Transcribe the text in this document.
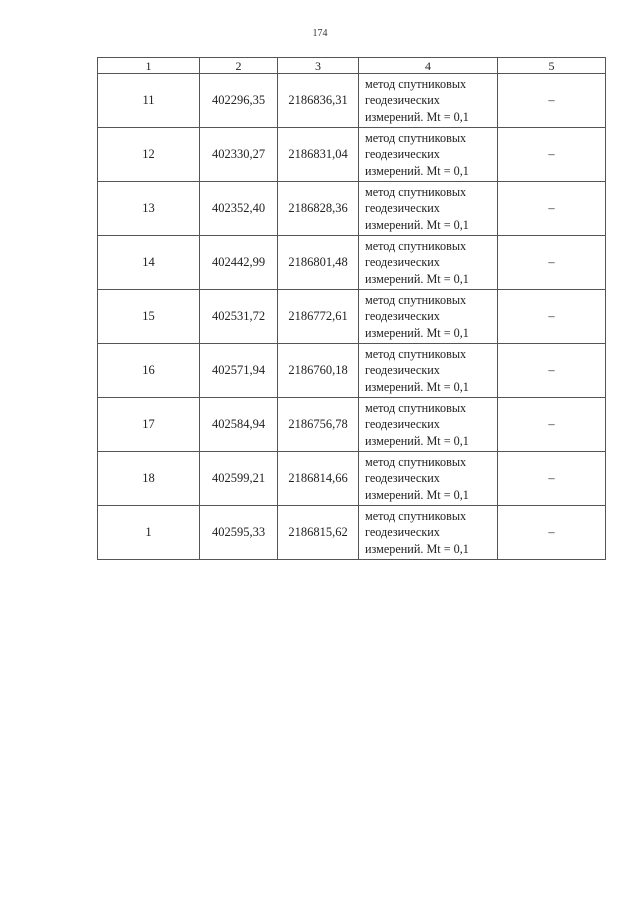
174
1	2	3	4	5
11	402296,35	2186836,31	метод спутниковых
геодезических
измерений. Mt = 0,1	–
12	402330,27	2186831,04	метод спутниковых
геодезических
измерений. Mt = 0,1	–
13	402352,40	2186828,36	метод спутниковых
геодезических
измерений. Mt = 0,1	–
14	402442,99	2186801,48	метод спутниковых
геодезических
измерений. Mt = 0,1	–
15	402531,72	2186772,61	метод спутниковых
геодезических
измерений. Mt = 0,1	–
16	402571,94	2186760,18	метод спутниковых
геодезических
измерений. Mt = 0,1	–
17	402584,94	2186756,78	метод спутниковых
геодезических
измерений. Mt = 0,1	–
18	402599,21	2186814,66	метод спутниковых
геодезических
измерений. Mt = 0,1	–
1	402595,33	2186815,62	метод спутниковых
геодезических
измерений. Mt = 0,1	–
